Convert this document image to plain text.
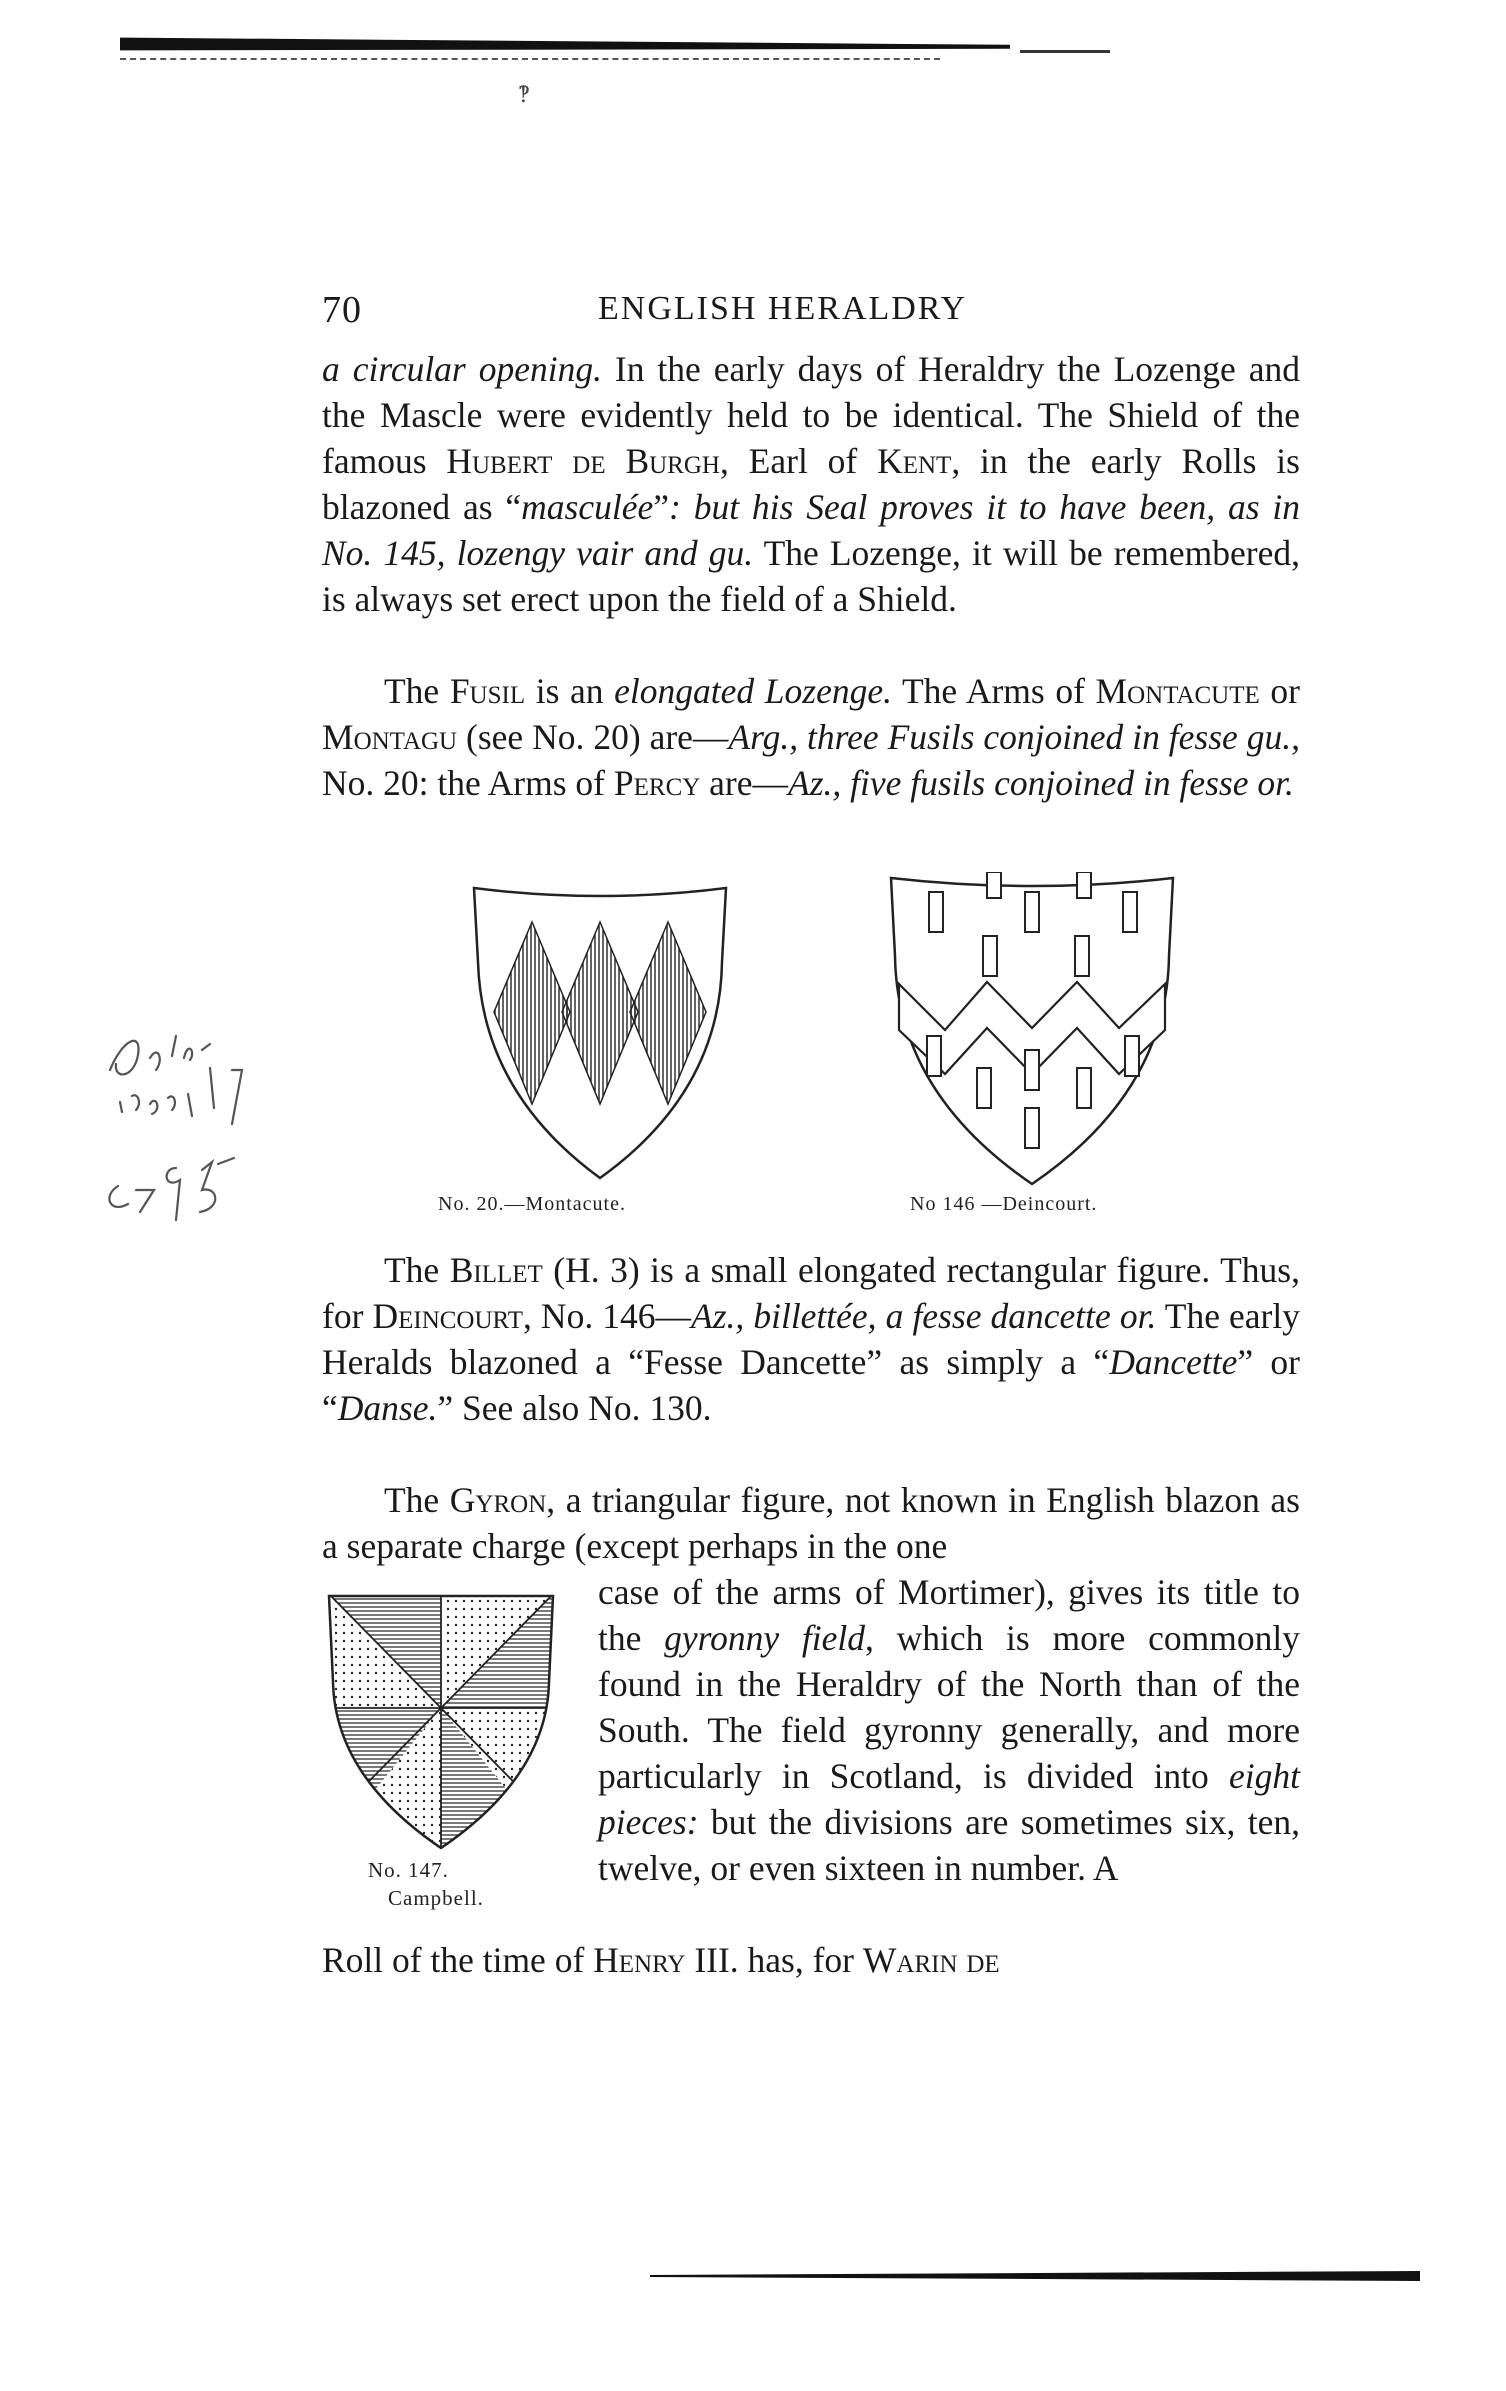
‽
70	ENGLISH HERALDRY

a circular opening. In the early days of Heraldry the Lozenge and the Mascle were evidently held to be identical. The Shield of the famous Hubert de Burgh, Earl of Kent, in the early Rolls is blazoned as “masculée”: but his Seal proves it to have been, as in No. 145, lozengy vair and gu. The Lozenge, it will be remembered, is always set erect upon the field of a Shield.

The Fusil is an elongated Lozenge. The Arms of Montacute or Montagu (see No. 20) are—Arg., three Fusils conjoined in fesse gu., No. 20: the Arms of Percy are—Az., five fusils conjoined in fesse or.

No. 20.—Montacute.	No 146 —Deincourt.
Bill Angie 17 a 95

The Billet (H. 3) is a small elongated rectangular figure. Thus, for Deincourt, No. 146—Az., billettée, a fesse dancette or. The early Heralds blazoned a “Fesse Dancette” as simply a “Dancette” or “Danse.” See also No. 130.

The Gyron, a triangular figure, not known in English blazon as a separate charge (except perhaps in the one

No. 147.
Campbell.

case of the arms of Mortimer), gives its title to the gyronny field, which is more commonly found in the Heraldry of the North than of the South. The field gyronny generally, and more particularly in Scotland, is divided into eight pieces: but the divisions are sometimes six, ten, twelve, or even sixteen in number. A

Roll of the time of Henry III. has, for Warin de
